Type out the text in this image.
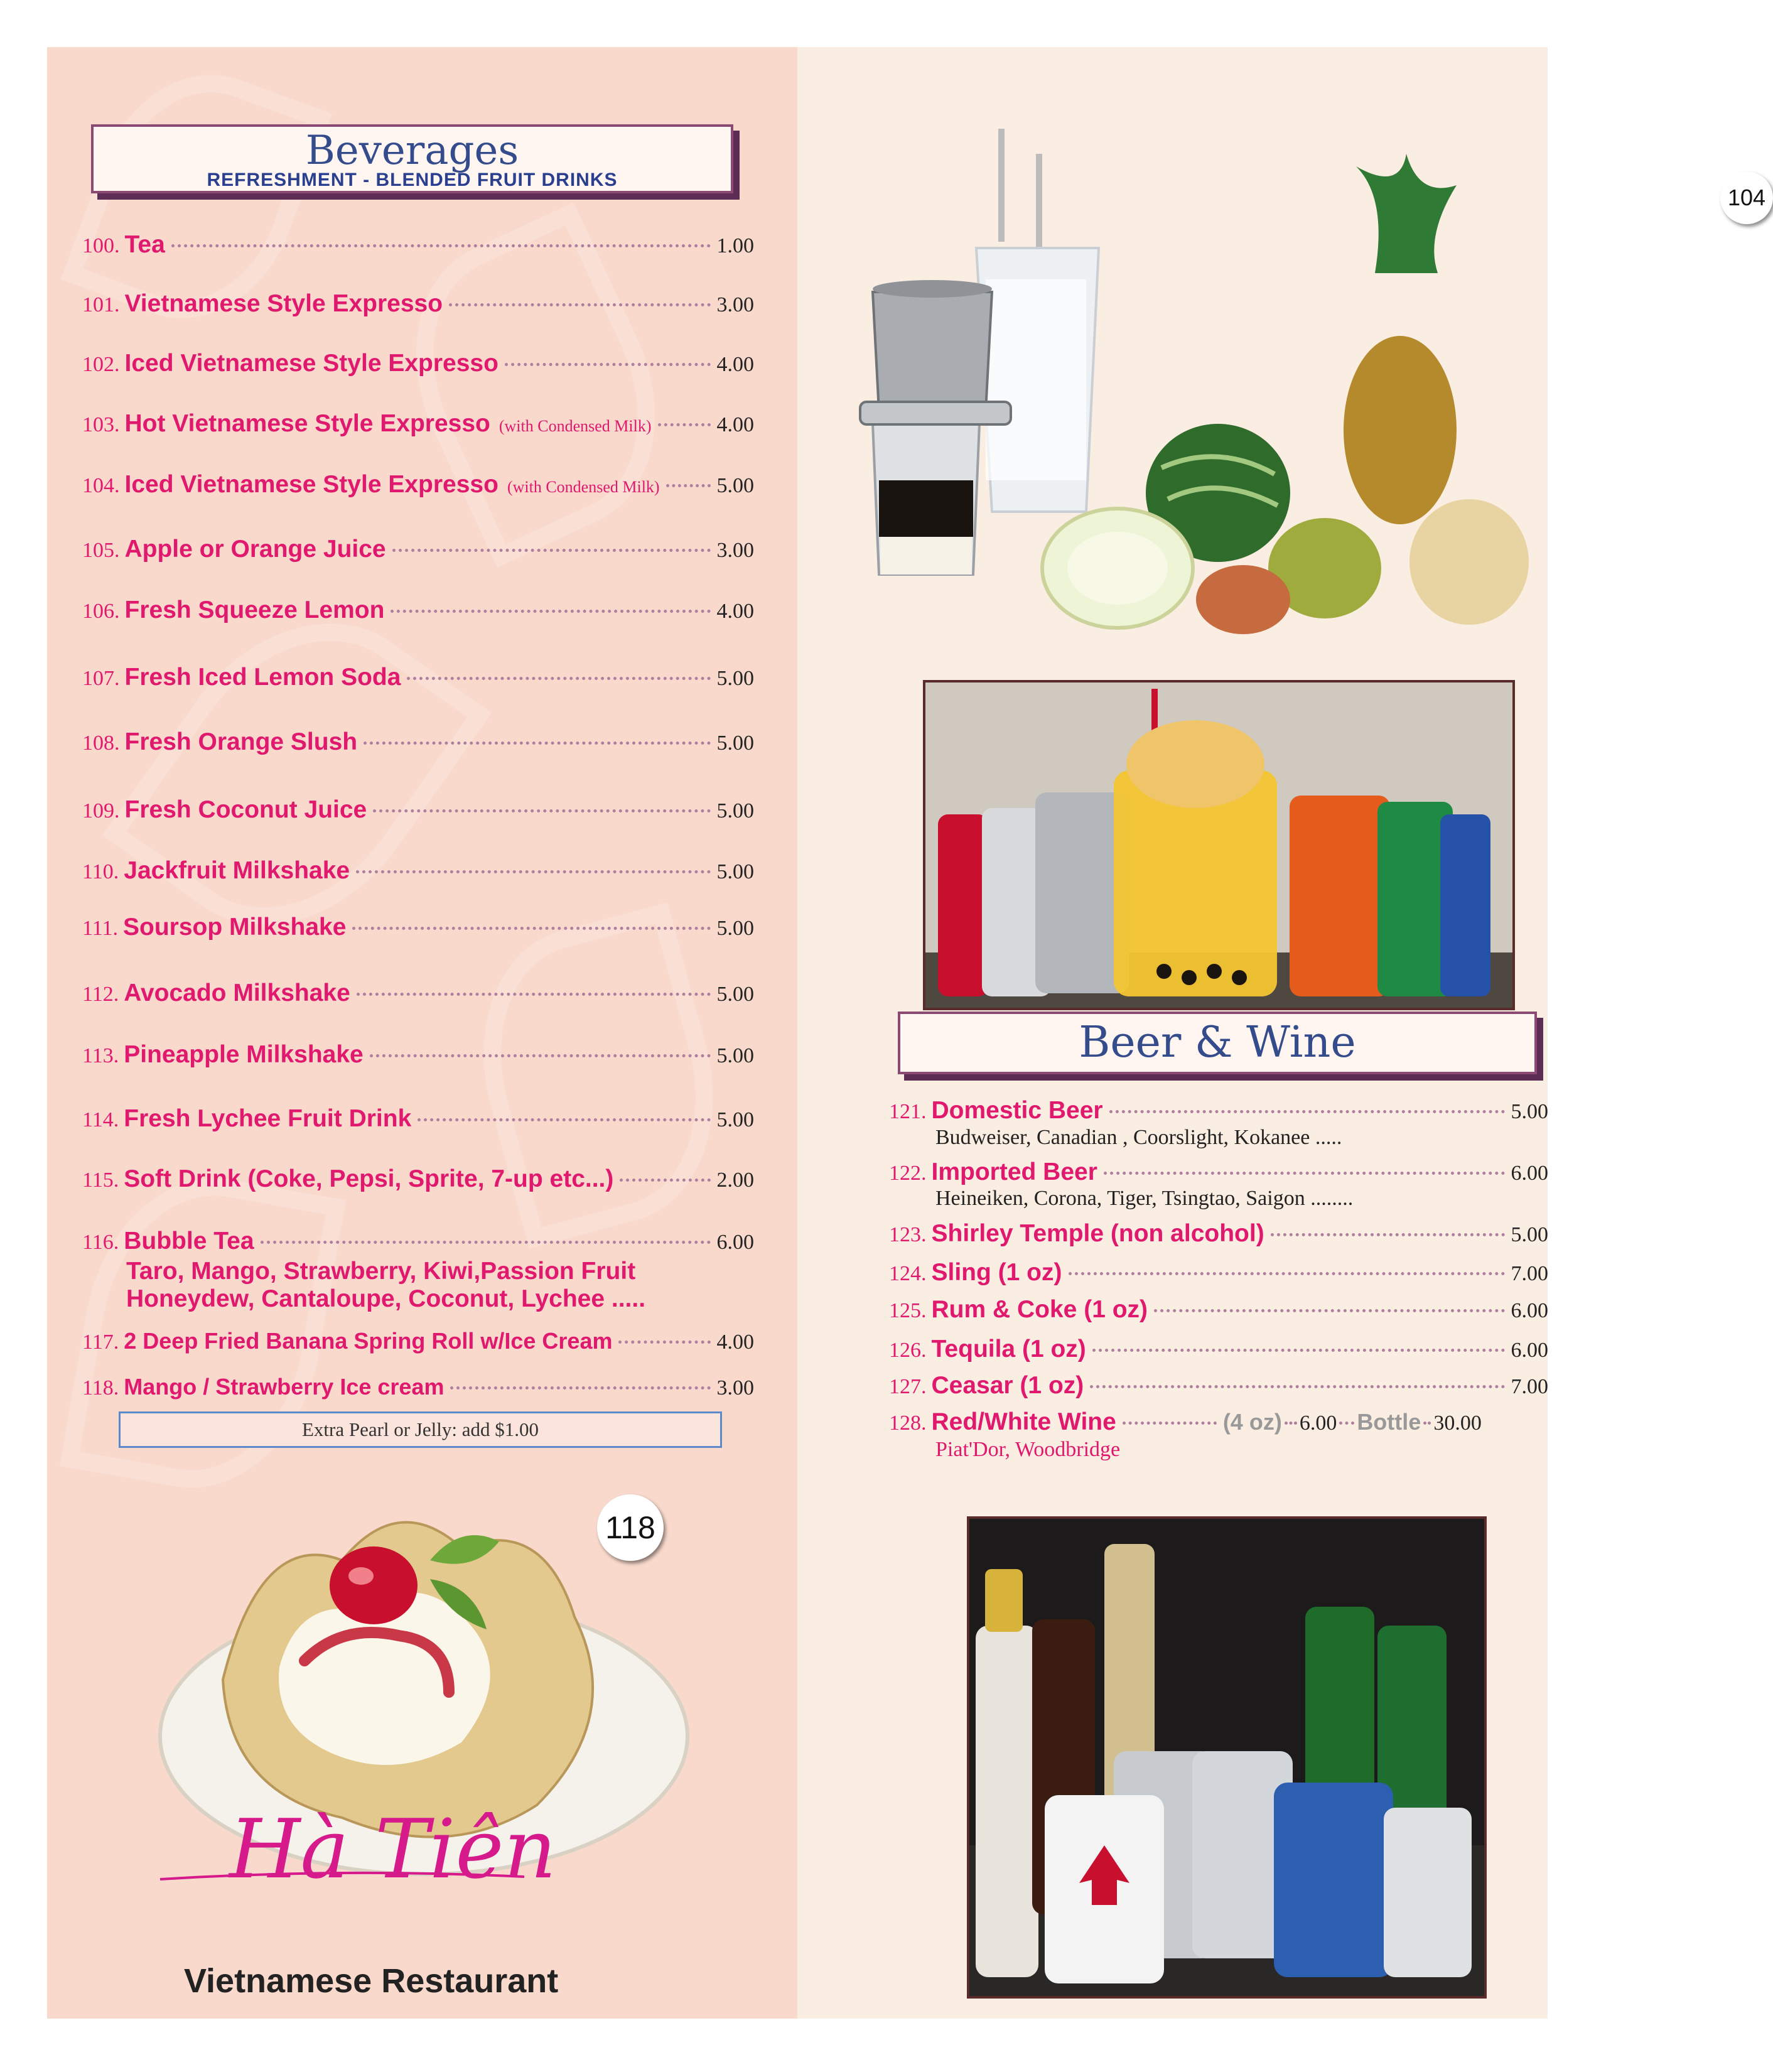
Beverages
REFRESHMENT - BLENDED FRUIT DRINKS
100. Tea	1.00
101. Vietnamese Style Expresso	3.00
102. Iced Vietnamese Style Expresso	4.00
103. Hot Vietnamese Style Expresso (with Condensed Milk)	4.00
104. Iced Vietnamese Style Expresso (with Condensed Milk)	5.00
105. Apple or Orange Juice	3.00
106. Fresh Squeeze Lemon	4.00
107. Fresh Iced Lemon Soda	5.00
108. Fresh Orange Slush	5.00
109. Fresh Coconut Juice	5.00
110. Jackfruit Milkshake	5.00
111. Soursop Milkshake	5.00
112. Avocado Milkshake	5.00
113. Pineapple Milkshake	5.00
114. Fresh Lychee Fruit Drink	5.00
115. Soft Drink (Coke, Pepsi, Sprite, 7-up etc...)	2.00
116. Bubble Tea	6.00
Taro, Mango, Strawberry, Kiwi,Passion Fruit
Honeydew, Cantaloupe, Coconut, Lychee .....
117. 2 Deep Fried Banana Spring Roll w/Ice Cream	4.00
118. Mango / Strawberry Ice cream	3.00
Extra Pearl or Jelly: add $1.00
118
Hà Tiên
Vietnamese Restaurant
104
Beer & Wine
121. Domestic Beer	5.00
Budweiser, Canadian , Coorslight, Kokanee .....
122. Imported Beer	6.00
Heineiken, Corona, Tiger, Tsingtao, Saigon ........
123. Shirley Temple (non alcohol)	5.00
124. Sling (1 oz)	7.00
125. Rum & Coke (1 oz)	6.00
126. Tequila (1 oz)	6.00
127. Ceasar (1 oz)	7.00
128. Red/White Wine	(4 oz) 6.00 Bottle 30.00
Piat'Dor, Woodbridge
